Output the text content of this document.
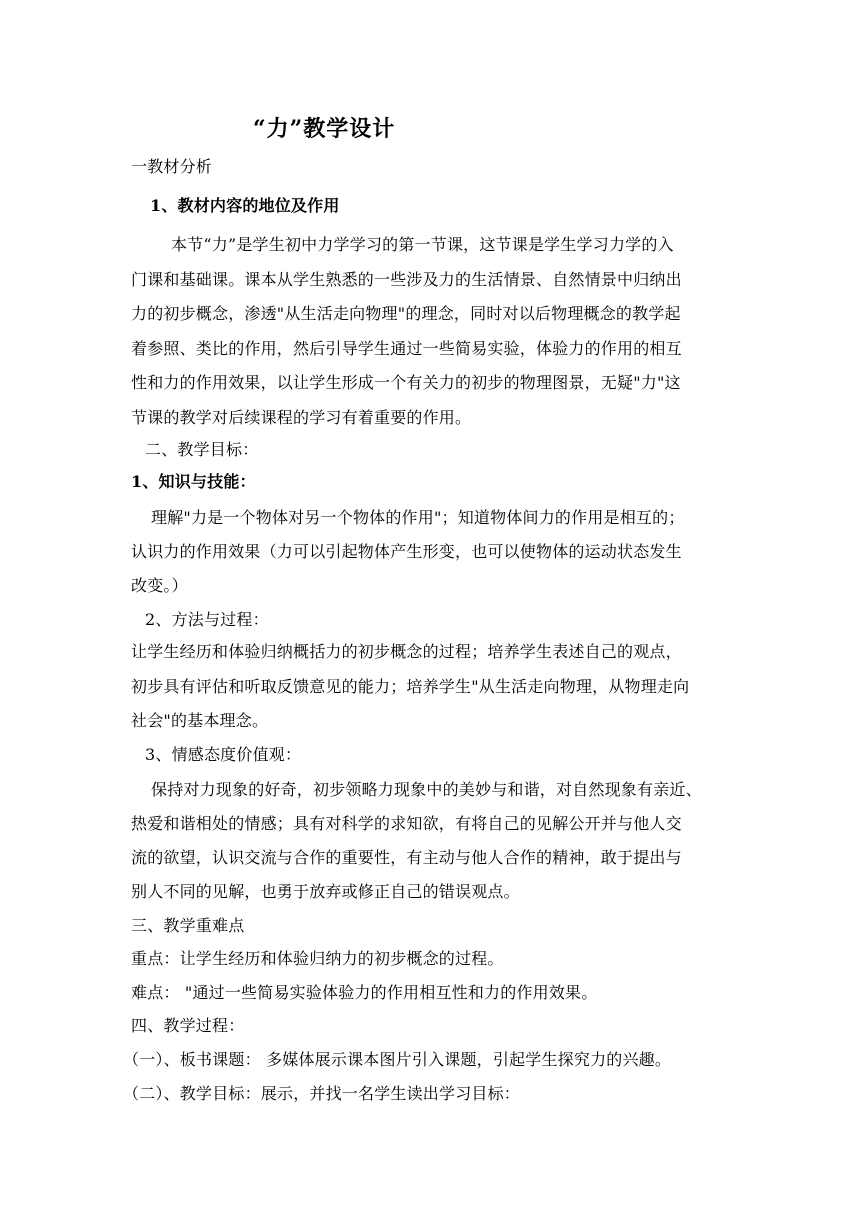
“力”教学设计
一教材分析
1、教材内容的地位及作用
本节“力”是学生初中力学学习的第一节课，这节课是学生学习力学的入
门课和基础课。课本从学生熟悉的一些涉及力的生活情景、自然情景中归纳出
力的初步概念，渗透"从生活走向物理"的理念，同时对以后物理概念的教学起
着参照、类比的作用，然后引导学生通过一些简易实验，体验力的作用的相互
性和力的作用效果，以让学生形成一个有关力的初步的物理图景，无疑"力"这
节课的教学对后续课程的学习有着重要的作用。
二、教学目标：
1、知识与技能：
理解"力是一个物体对另一个物体的作用"；知道物体间力的作用是相互的；
认识力的作用效果（力可以引起物体产生形变，也可以使物体的运动状态发生
改变。）
2、方法与过程：
让学生经历和体验归纳概括力的初步概念的过程；培养学生表述自己的观点，
初步具有评估和听取反馈意见的能力；培养学生"从生活走向物理，从物理走向
社会"的基本理念。
3、情感态度价值观：
保持对力现象的好奇，初步领略力现象中的美妙与和谐，对自然现象有亲近、
热爱和谐相处的情感；具有对科学的求知欲，有将自己的见解公开并与他人交
流的欲望，认识交流与合作的重要性，有主动与他人合作的精神，敢于提出与
别人不同的见解，也勇于放弃或修正自己的错误观点。
三、教学重难点
重点：让学生经历和体验归纳力的初步概念的过程。
难点： "通过一些简易实验体验力的作用相互性和力的作用效果。
四、教学过程：
（一）、板书课题： 多媒体展示课本图片引入课题，引起学生探究力的兴趣。
（二）、教学目标：展示，并找一名学生读出学习目标：
